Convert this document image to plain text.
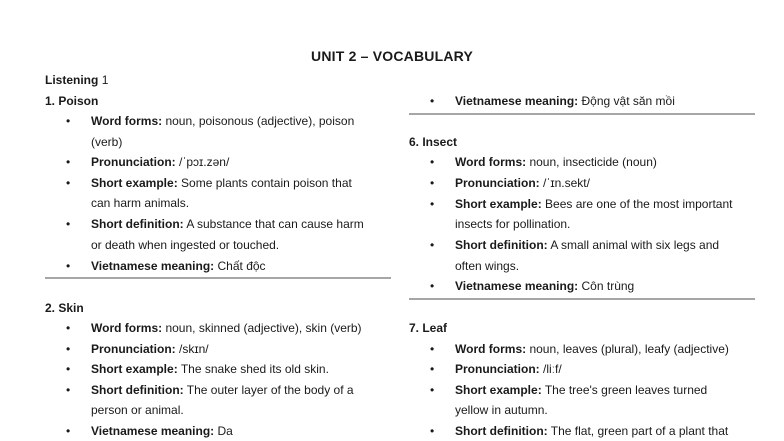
UNIT 2 – VOCABULARY
Listening 1
1. Poison
• Word forms: noun, poisonous (adjective), poison
(verb)
• Pronunciation: /ˈpɔɪ.zən/
• Short example: Some plants contain poison that
can harm animals.
• Short definition: A substance that can cause harm
or death when ingested or touched.
• Vietnamese meaning: Chất độc
2. Skin
• Word forms: noun, skinned (adjective), skin (verb)
• Pronunciation: /skɪn/
• Short example: The snake shed its old skin.
• Short definition: The outer layer of the body of a
person or animal.
• Vietnamese meaning: Da
• Vietnamese meaning: Động vật săn mồi
6. Insect
• Word forms: noun, insecticide (noun)
• Pronunciation: /ˈɪn.sekt/
• Short example: Bees are one of the most important
insects for pollination.
• Short definition: A small animal with six legs and
often wings.
• Vietnamese meaning: Côn trùng
7. Leaf
• Word forms: noun, leaves (plural), leafy (adjective)
• Pronunciation: /liːf/
• Short example: The tree's green leaves turned
yellow in autumn.
• Short definition: The flat, green part of a plant that
